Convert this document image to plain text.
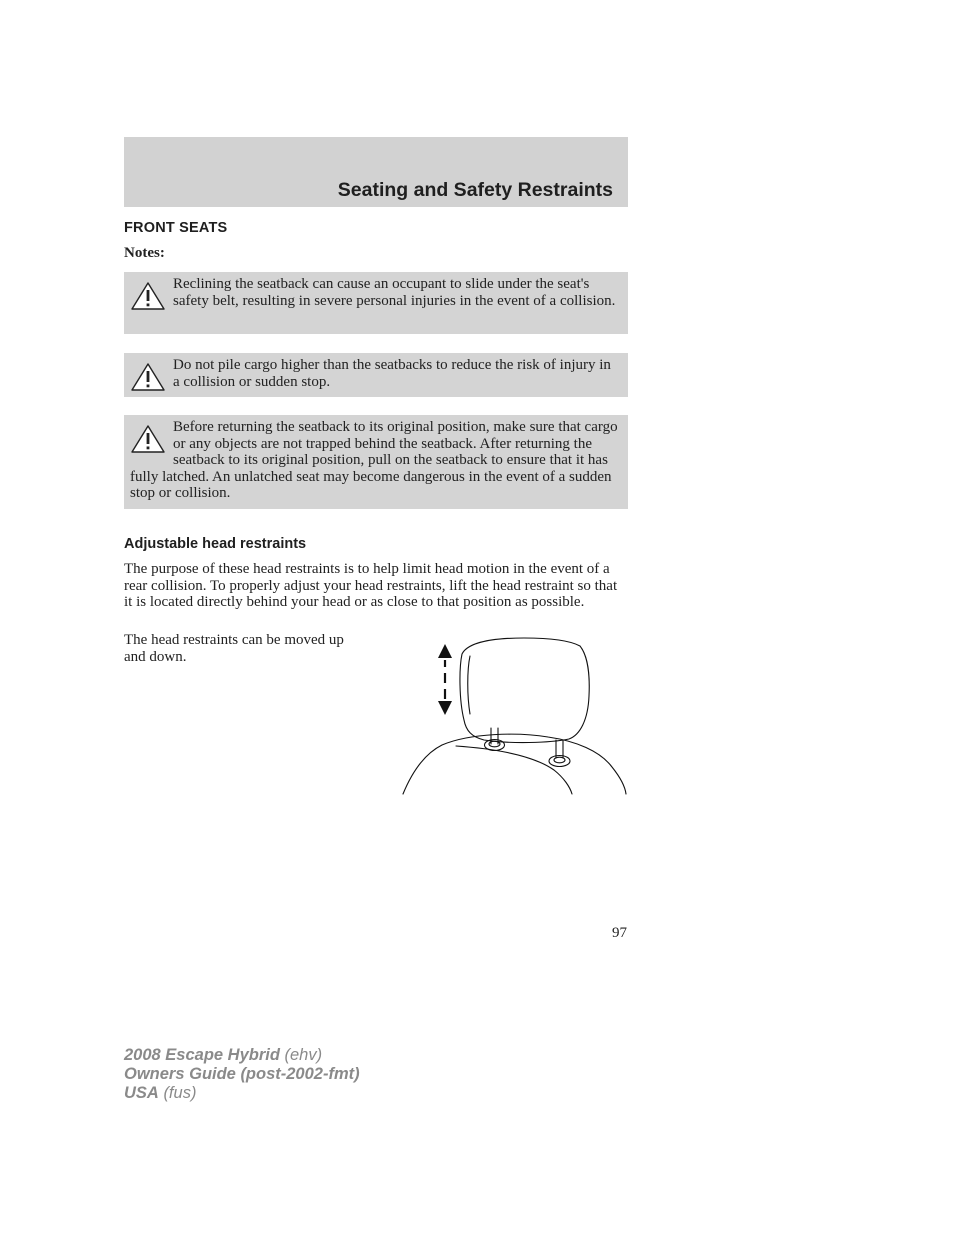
Seating and Safety Restraints
FRONT SEATS
Notes:
Reclining the seatback can cause an occupant to slide under the seat's safety belt, resulting in severe personal injuries in the event of a collision.
Do not pile cargo higher than the seatbacks to reduce the risk of injury in a collision or sudden stop.
Before returning the seatback to its original position, make sure that cargo or any objects are not trapped behind the seatback. After returning the seatback to its original position, pull on the seatback to ensure that it has fully latched. An unlatched seat may become dangerous in the event of a sudden stop or collision.
Adjustable head restraints
The purpose of these head restraints is to help limit head motion in the event of a rear collision. To properly adjust your head restraints, lift the head restraint so that it is located directly behind your head or as close to that position as possible.
The head restraints can be moved up and down.
97
2008 Escape Hybrid (ehv)
Owners Guide (post-2002-fmt)
USA (fus)
